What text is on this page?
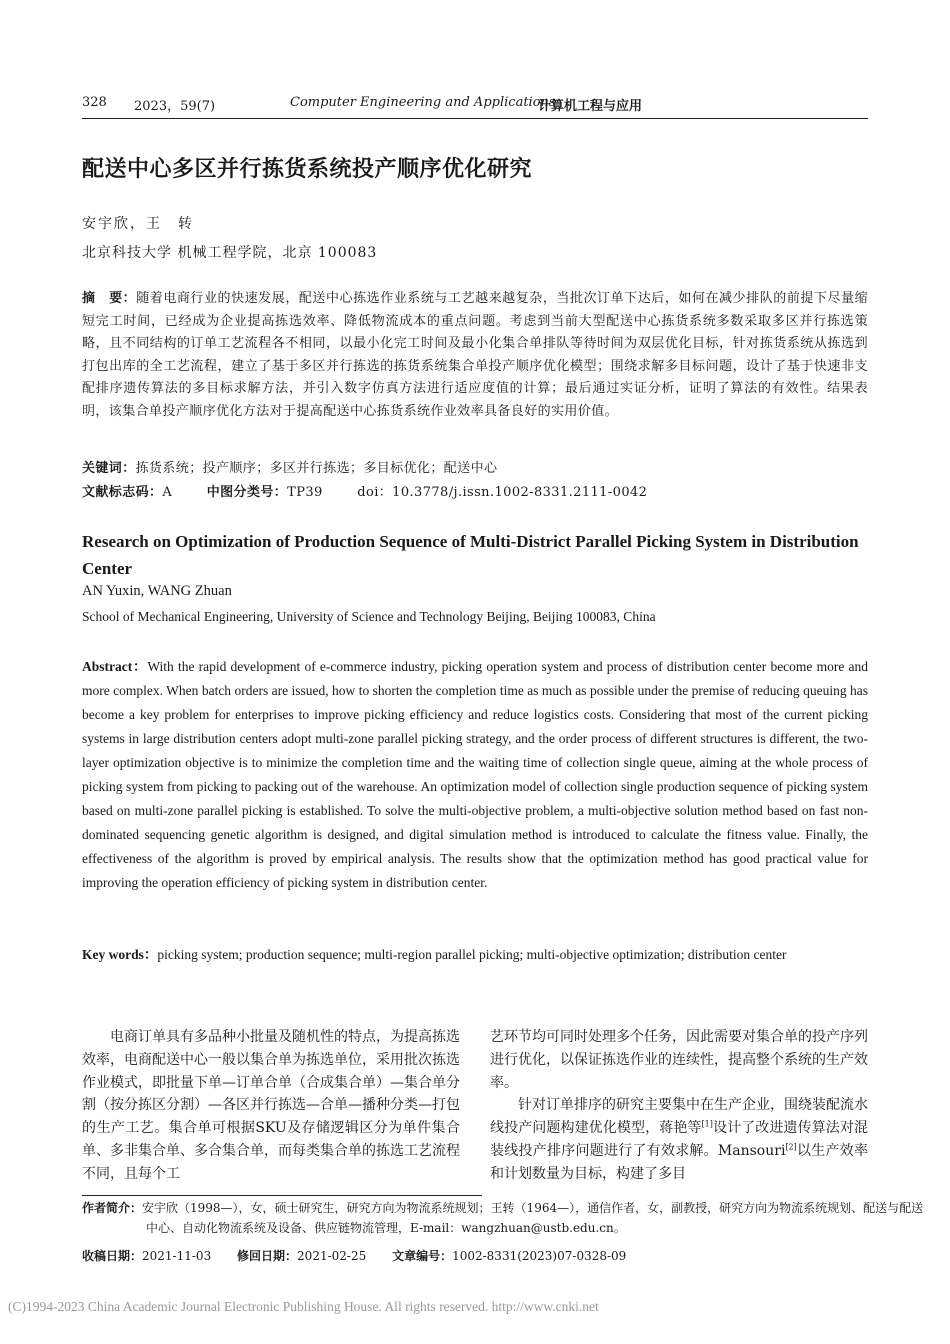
328 2023，59(7)	Computer Engineering and Applications
计算机工程与应用
配送中心多区并行拣货系统投产顺序优化研究
安宇欣，王　转
北京科技大学 机械工程学院，北京 100083
摘　要：随着电商行业的快速发展，配送中心拣选作业系统与工艺越来越复杂，当批次订单下达后，如何在减少排队的前提下尽量缩短完工时间，已经成为企业提高拣选效率、降低物流成本的重点问题。考虑到当前大型配送中心拣货系统多数采取多区并行拣选策略，且不同结构的订单工艺流程各不相同，以最小化完工时间及最小化集合单排队等待时间为双层优化目标，针对拣货系统从拣选到打包出库的全工艺流程，建立了基于多区并行拣选的拣货系统集合单投产顺序优化模型；围绕求解多目标问题，设计了基于快速非支配排序遗传算法的多目标求解方法，并引入数字仿真方法进行适应度值的计算；最后通过实证分析，证明了算法的有效性。结果表明，该集合单投产顺序优化方法对于提高配送中心拣货系统作业效率具备良好的实用价值。
关键词：拣货系统；投产顺序；多区并行拣选；多目标优化；配送中心
文献标志码：A	中图分类号：TP39	doi：10.3778/j.issn.1002-8331.2111-0042
Research on Optimization of Production Sequence of Multi-District Parallel Picking System in Distribution Center
AN Yuxin, WANG Zhuan
School of Mechanical Engineering, University of Science and Technology Beijing, Beijing 100083, China
Abstract：With the rapid development of e-commerce industry, picking operation system and process of distribution center become more and more complex. When batch orders are issued, how to shorten the completion time as much as possible under the premise of reducing queuing has become a key problem for enterprises to improve picking efficiency and reduce logistics costs. Considering that most of the current picking systems in large distribution centers adopt multi-zone parallel picking strategy, and the order process of different structures is different, the two-layer optimization objective is to minimize the completion time and the waiting time of collection single queue, aiming at the whole process of picking system from picking to packing out of the warehouse. An optimization model of collection single production sequence of picking system based on multi-zone parallel picking is established. To solve the multi-objective problem, a multi-objective solution method based on fast non-dominated sequencing genetic algorithm is designed, and digital simulation method is introduced to calculate the fitness value. Finally, the effectiveness of the algorithm is proved by empirical analysis. The results show that the optimization method has good practical value for improving the operation efficiency of picking system in distribution center.
Key words：picking system; production sequence; multi-region parallel picking; multi-objective optimization; distribution center

电商订单具有多品种小批量及随机性的特点，为提高拣选效率，电商配送中心一般以集合单为拣选单位，采用批次拣选作业模式，即批量下单—订单合单（合成集合单）—集合单分割（按分拣区分割）—各区并行拣选—合单—播种分类—打包的生产工艺。集合单可根据SKU及存储逻辑区分为单件集合单、多非集合单、多合集合单，而每类集合单的拣选工艺流程不同，且每个工

艺环节均可同时处理多个任务，因此需要对集合单的投产序列进行优化，以保证拣选作业的连续性，提高整个系统的生产效率。

针对订单排序的研究主要集中在生产企业，围绕装配流水线投产问题构建优化模型，蒋艳等[1]设计了改进遗传算法对混装线投产排序问题进行了有效求解。Mansouri[2]以生产效率和计划数量为目标，构建了多目

作者简介：安宇欣（1998—），女，硕士研究生，研究方向为物流系统规划；王转（1964—），通信作者，女，副教授，研究方向为物流系统规划、配送与配送中心、自动化物流系统及设备、供应链物流管理，E-mail：wangzhuan@ustb.edu.cn。
收稿日期：2021-11-03 修回日期：2021-02-25 文章编号：1002-8331(2023)07-0328-09
(C)1994-2023 China Academic Journal Electronic Publishing House. All rights reserved. http://www.cnki.net
